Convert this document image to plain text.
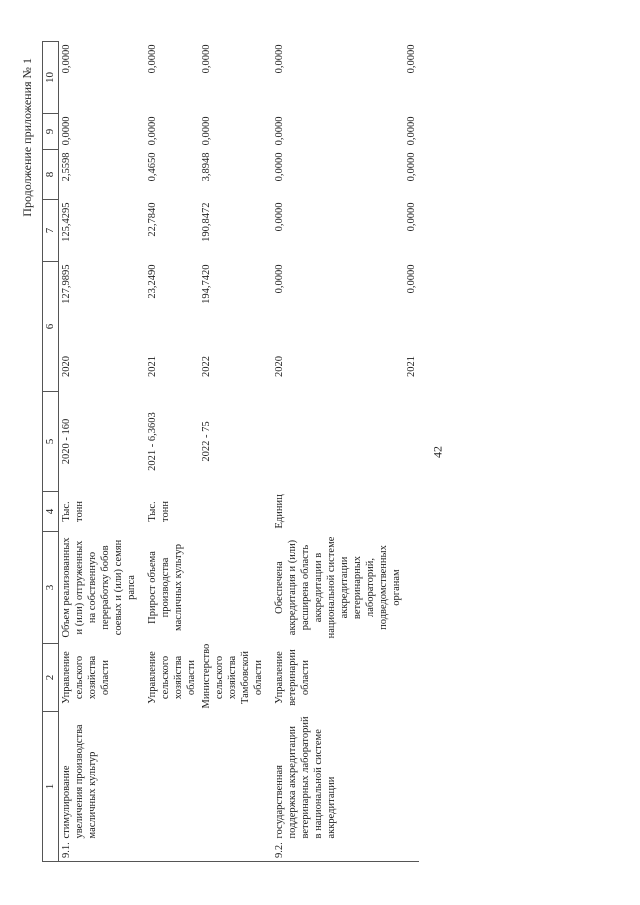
42
Продолжение приложения № 1
1		2	3	4	5	6		7	8	9	10
9.1.	стимулирование увеличения производства масличных культур	Управление сельского хозяйства области	Объем реализованных и (или) отгруженных на собственную переработку бобов соевых и (или) семян рапса	Тыс. тонн	2020 - 160	2020	127,9895	125,4295	2,5598	0,0000	0,0000

		Управление сельского хозяйства области	Прирост объема производства масличных культур	Тыс. тонн	2021 - 6,3603	2021	23,2490	22,7840	0,4650	0,0000	0,0000
		Министерство сельского хозяйства Тамбовской области			2022 - 75	2022	194,7420	190,8472	3,8948	0,0000	0,0000

9.2.	государственная поддержка аккредитации ветеринарных лабораторий в национальной системе аккредитации	Управление ветеринарии области	Обеспечена аккредитация и (или) расширена область аккредитации в национальной системе аккредитации ветеринарных лабораторий, подведомственных органам	Единиц		2020	0,0000	0,0000	0,0000	0,0000	0,0000
						2021	0,0000	0,0000	0,0000	0,0000	0,0000
